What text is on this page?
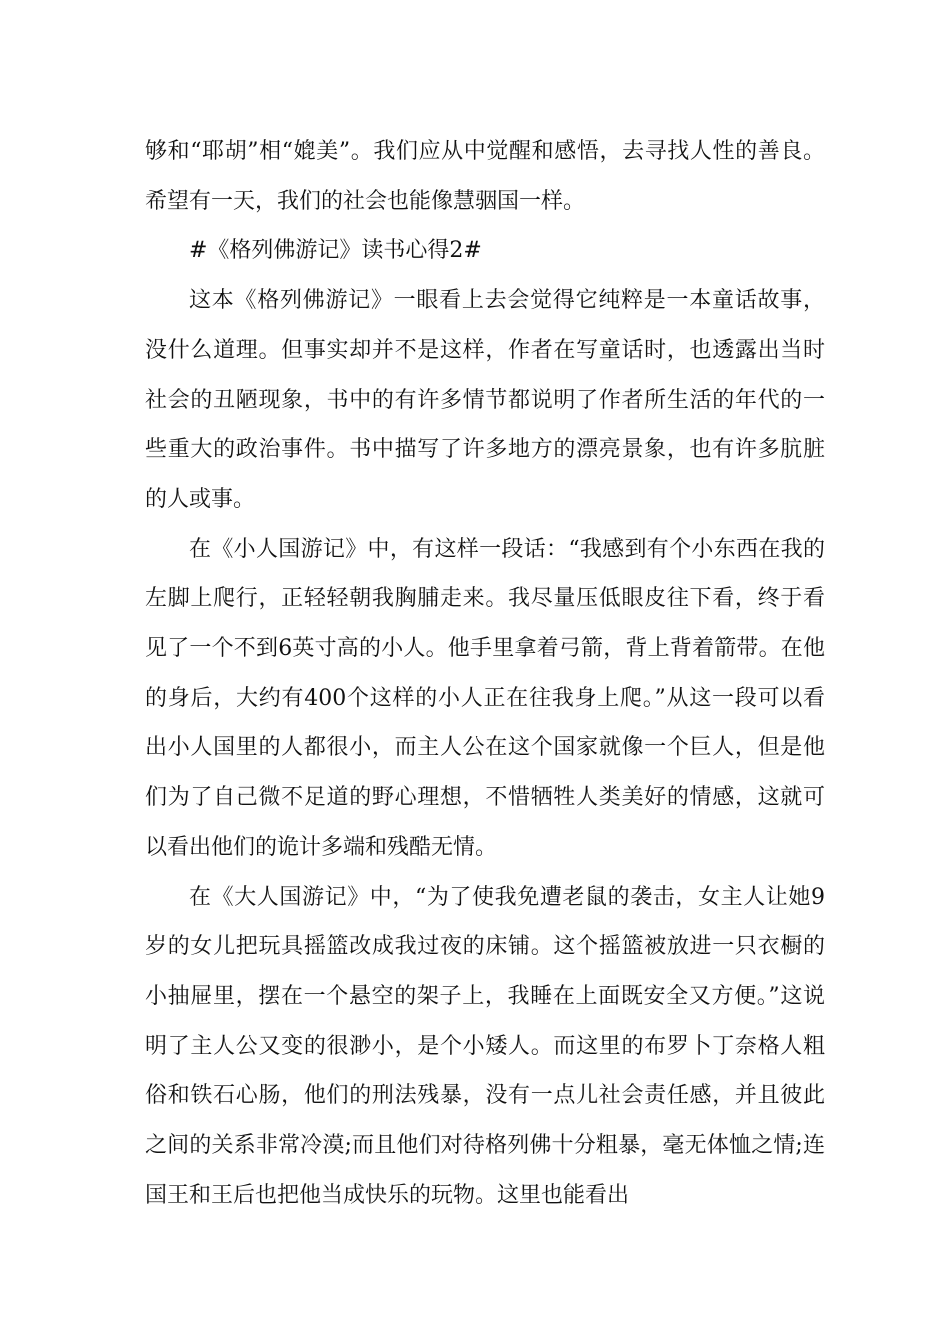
够和“耶胡”相“媲美”。我们应从中觉醒和感悟，去寻找人性的善良。希望有一天，我们的社会也能像慧骃国一样。

#《格列佛游记》读书心得2#

这本《格列佛游记》一眼看上去会觉得它纯粹是一本童话故事，没什么道理。但事实却并不是这样，作者在写童话时，也透露出当时社会的丑陋现象，书中的有许多情节都说明了作者所生活的年代的一些重大的政治事件。书中描写了许多地方的漂亮景象，也有许多肮脏的人或事。

在《小人国游记》中，有这样一段话：“我感到有个小东西在我的左脚上爬行，正轻轻朝我胸脯走来。我尽量压低眼皮往下看，终于看见了一个不到6英寸高的小人。他手里拿着弓箭，背上背着箭带。在他的身后，大约有400个这样的小人正在往我身上爬。”从这一段可以看出小人国里的人都很小，而主人公在这个国家就像一个巨人，但是他们为了自己微不足道的野心理想，不惜牺牲人类美好的情感，这就可以看出他们的诡计多端和残酷无情。

在《大人国游记》中，“为了使我免遭老鼠的袭击，女主人让她9岁的女儿把玩具摇篮改成我过夜的床铺。这个摇篮被放进一只衣橱的小抽屉里，摆在一个悬空的架子上，我睡在上面既安全又方便。”这说明了主人公又变的很渺小，是个小矮人。而这里的布罗卜丁奈格人粗俗和铁石心肠，他们的刑法残暴，没有一点儿社会责任感，并且彼此之间的关系非常冷漠;而且他们对待格列佛十分粗暴，毫无体恤之情;连国王和王后也把他当成快乐的玩物。这里也能看出
